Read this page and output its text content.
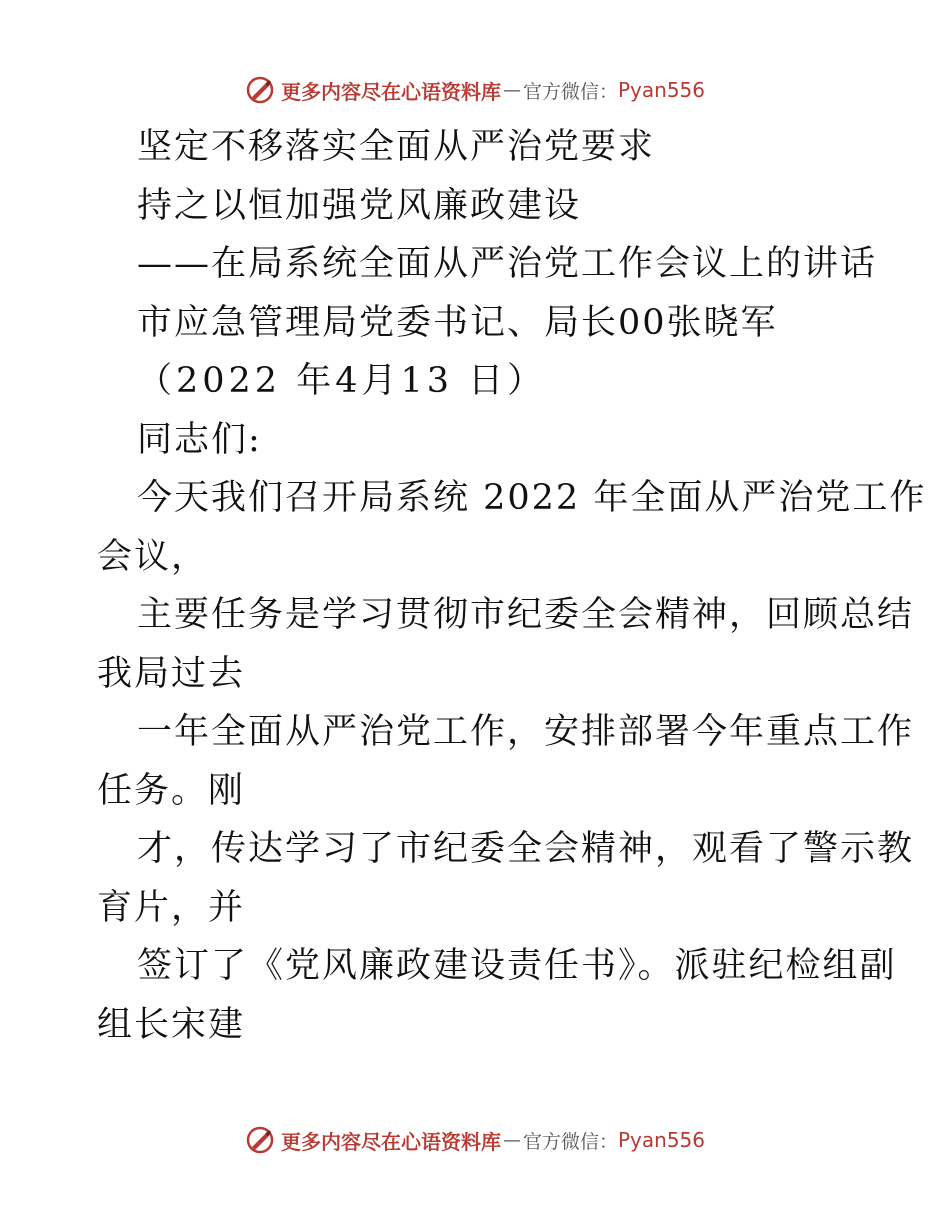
更多内容尽在心语资料库 — 官方微信： Pyan556
坚定不移落实全面从严治党要求
持之以恒加强党风廉政建设
——在局系统全面从严治党工作会议上的讲话
市应急管理局党委书记、局长00张晓军
（2022 年4月13 日）
同志们:
今天我们召开局系统 2022 年全面从严治党工作
会议，
主要任务是学习贯彻市纪委全会精神，回顾总结
我局过去
一年全面从严治党工作，安排部署今年重点工作
任务。刚
才，传达学习了市纪委全会精神，观看了警示教
育片，并
签订了《党风廉政建设责任书》。派驻纪检组副
组长宋建
更多内容尽在心语资料库 — 官方微信： Pyan556
